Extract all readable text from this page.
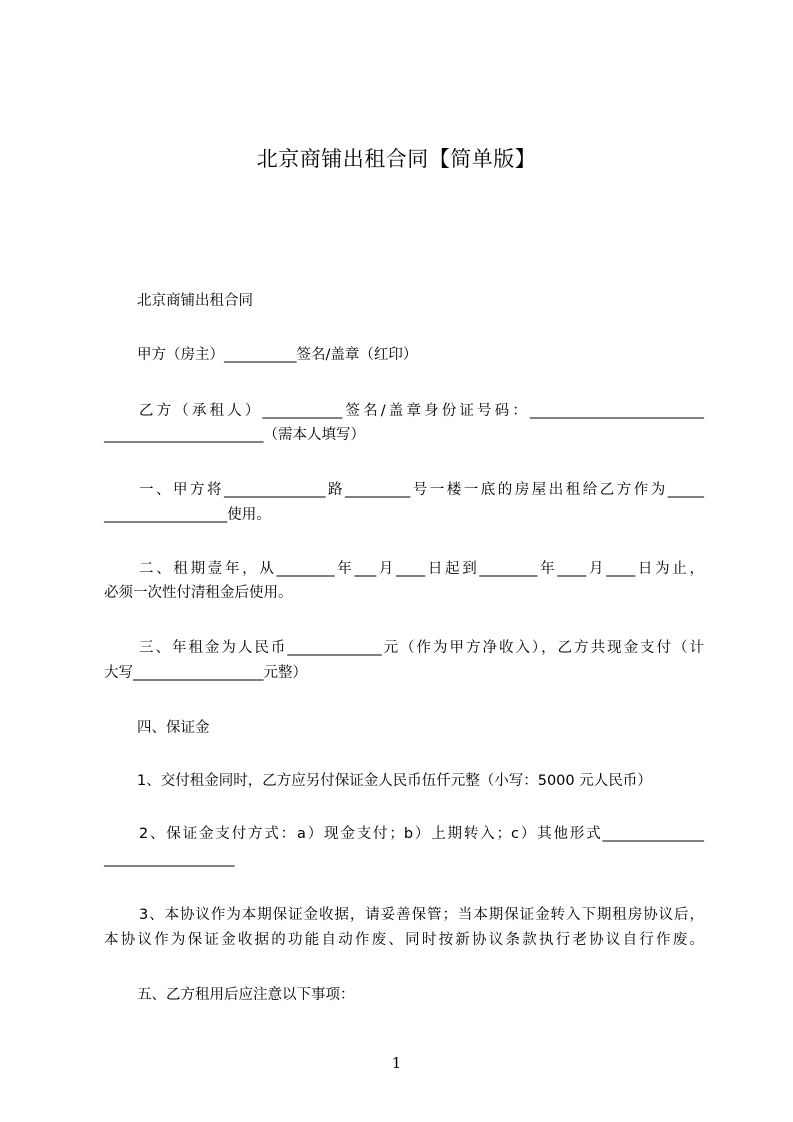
北京商铺出租合同【简单版】
北京商铺出租合同
甲方（房主）__________签名/盖章（红印）
乙方（承租人）___________签名/盖章身份证号码：________________________
______________________（需本人填写）
一、甲方将______________路_________号一楼一底的房屋出租给乙方作为_____
_________________使用。
二、租期壹年，从________年___月____日起到________年____月____日为止，
必须一次性付清租金后使用。
三、年租金为人民币_____________元（作为甲方净收入），乙方共现金支付（计
大写__________________元整）
四、保证金
1、交付租金同时，乙方应另付保证金人民币伍仟元整（小写：5000 元人民币）
2、保证金支付方式：a）现金支付；b）上期转入；c）其他形式______________
__________________
3、本协议作为本期保证金收据，请妥善保管；当本期保证金转入下期租房协议后，
本协议作为保证金收据的功能自动作废、同时按新协议条款执行老协议自行作废。
五、乙方租用后应注意以下事项：
1
